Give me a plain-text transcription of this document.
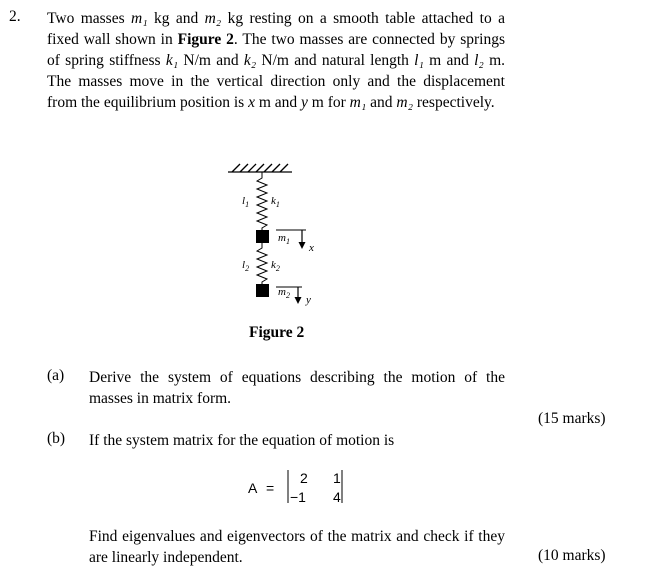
2. Two masses m₁ kg and m₂ kg resting on a smooth table attached to a fixed wall shown in Figure 2. The two masses are connected by springs of spring stiffness k₁ N/m and k₂ N/m and natural length l₁ m and l₂ m. The masses move in the vertical direction only and the displacement from the equilibrium position is x m and y m for m₁ and m₂ respectively.
$l_1$ $k_1$
$m_1$
x
$l_2$ $k_2$
$m_2$ y
Figure 2
(a) Derive the system of equations describing the motion of the masses in matrix form.
(15 marks)
(b) If the system matrix for the equation of motion is
A =
2 1
−1 4
Find eigenvalues and eigenvectors of the matrix and check if they are linearly independent.	(10 marks)
